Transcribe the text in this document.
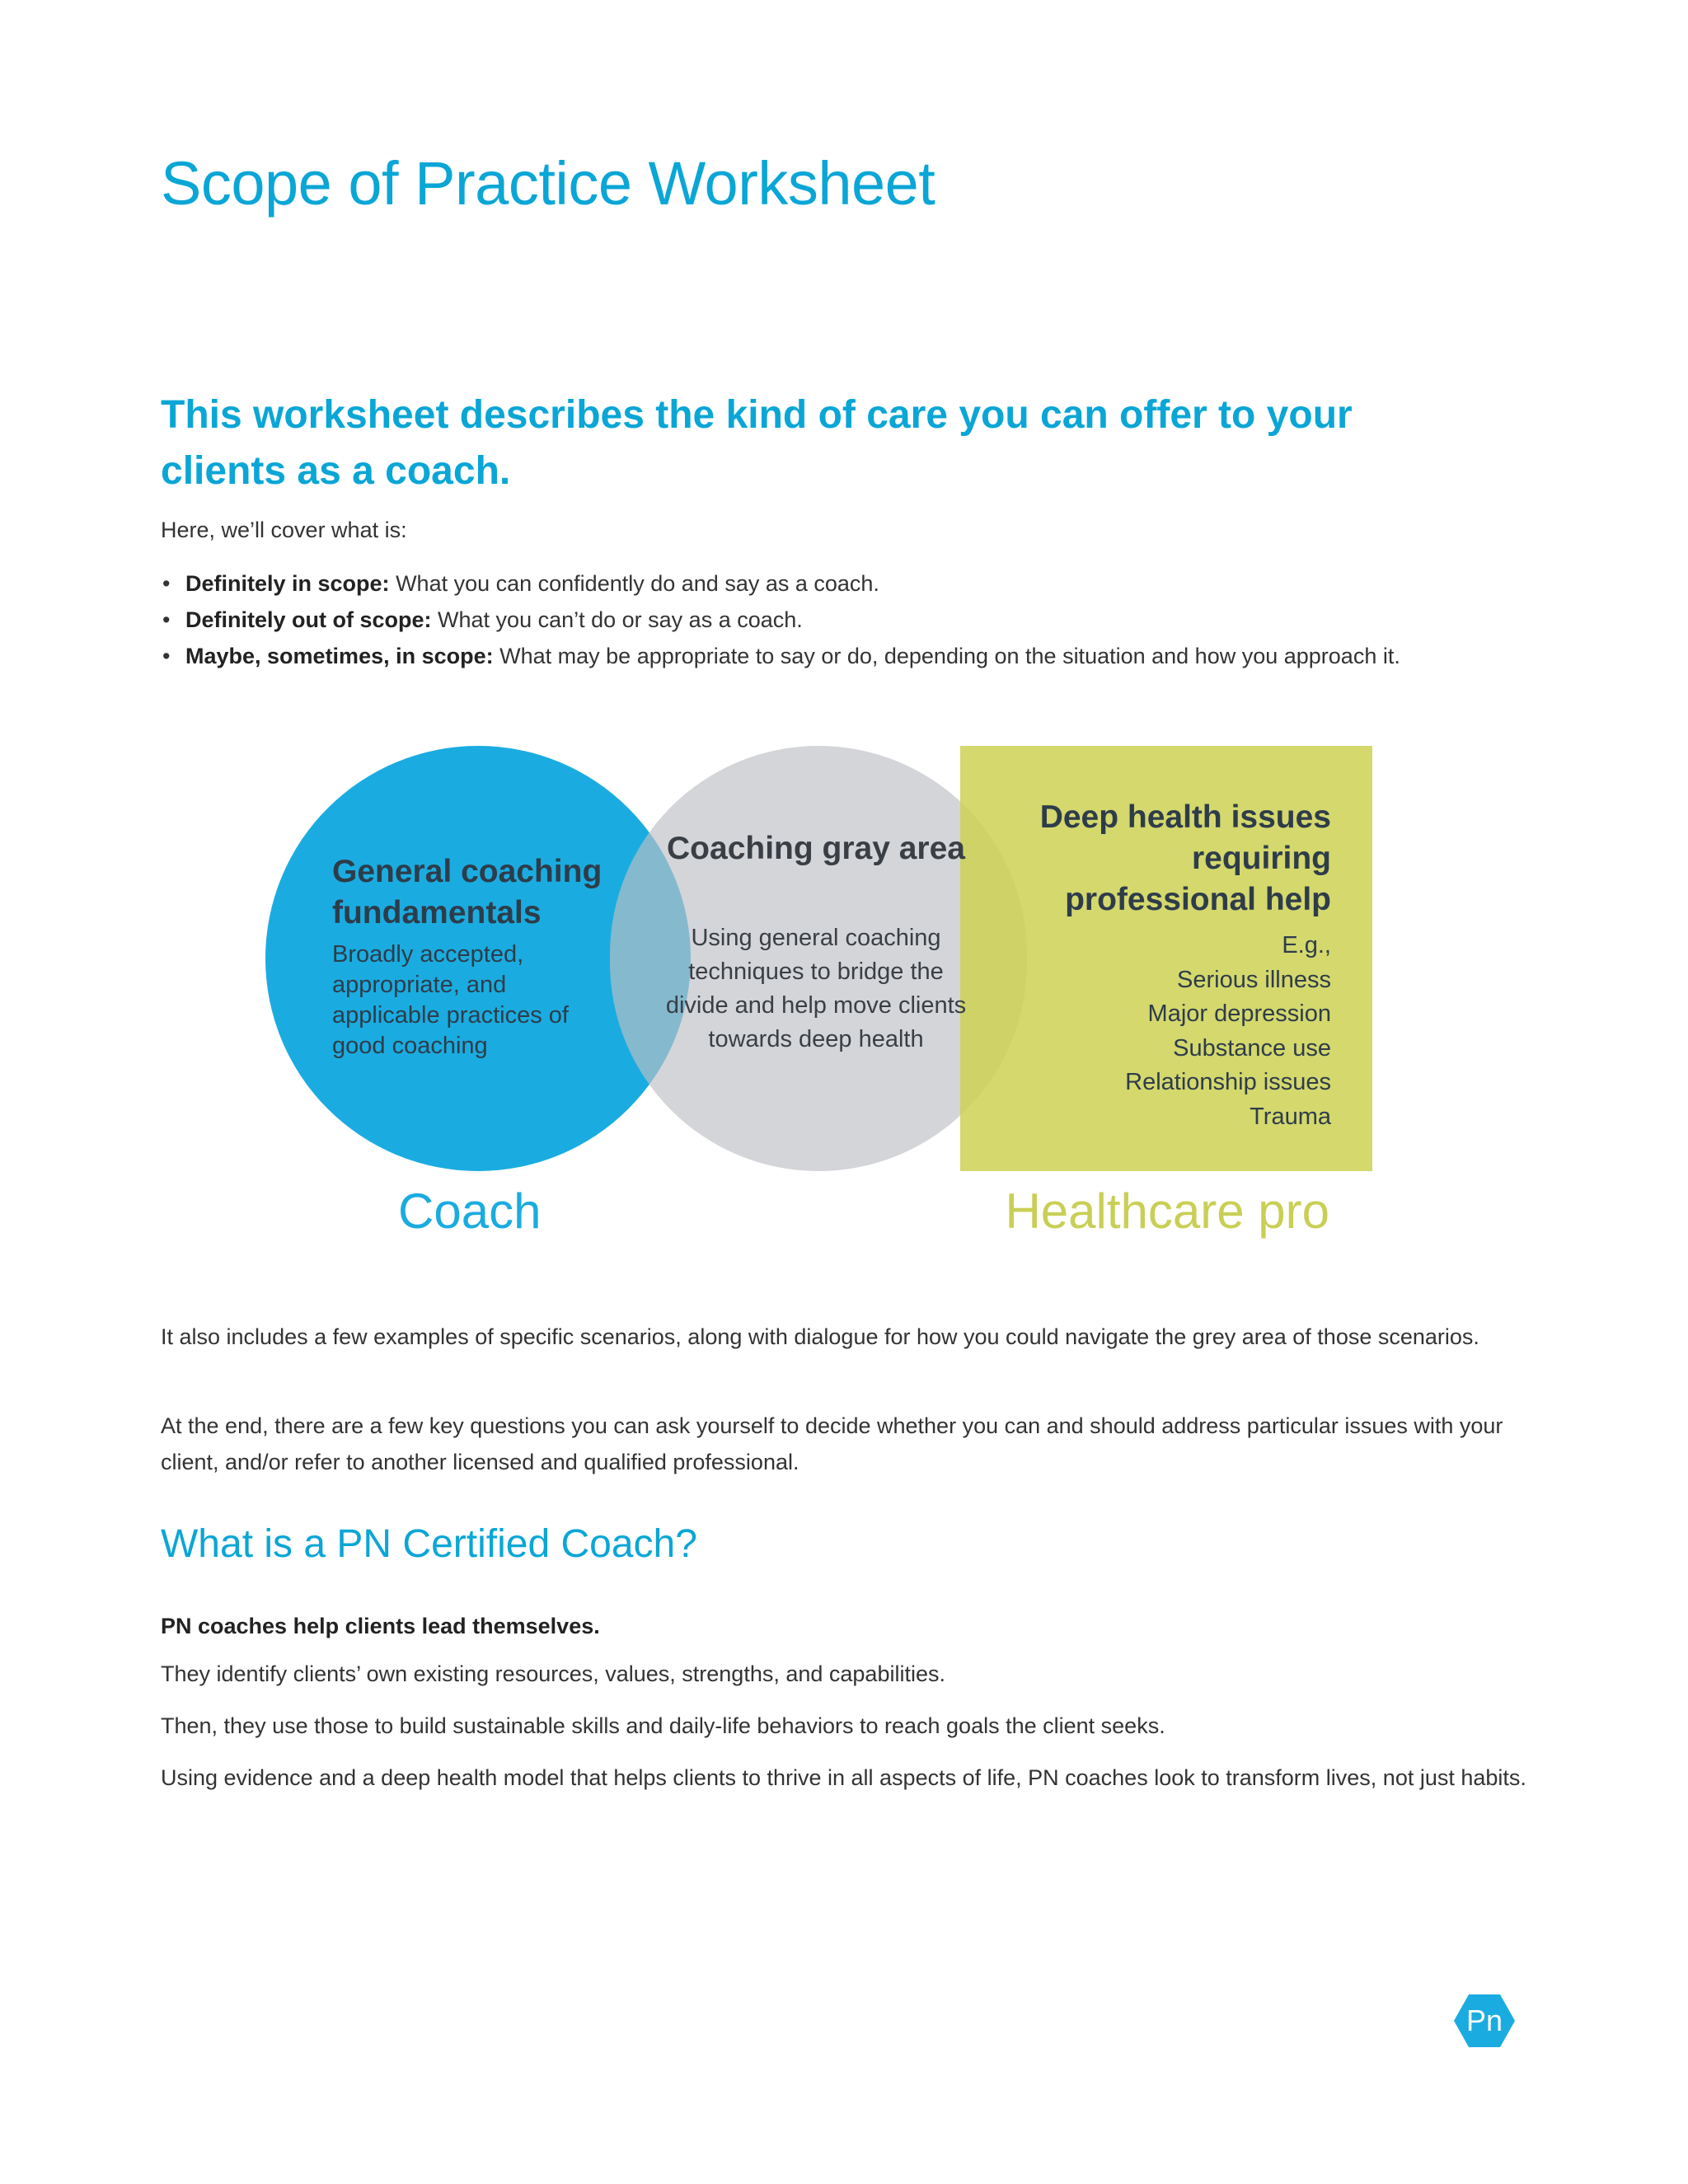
Scope of Practice Worksheet
This worksheet describes the kind of care you can offer to your clients as a coach.

Here, we’ll cover what is:

• Definitely in scope: What you can confidently do and say as a coach.
• Definitely out of scope: What you can’t do or say as a coach.
• Maybe, sometimes, in scope: What may be appropriate to say or do, depending on the situation and how you approach it.
General coaching fundamentals
Broadly accepted, appropriate, and applicable practices of good coaching
Coaching gray area
Using general coaching techniques to bridge the divide and help move clients towards deep health
Deep health issues requiring professional help
E.g.,
Serious illness
Major depression
Substance use
Relationship issues
Trauma
Coach	Healthcare pro

It also includes a few examples of specific scenarios, along with dialogue for how you could navigate the grey area of those scenarios.

At the end, there are a few key questions you can ask yourself to decide whether you can and should address particular issues with your client, and/or refer to another licensed and qualified professional.

What is a PN Certified Coach?

PN coaches help clients lead themselves.

They identify clients’ own existing resources, values, strengths, and capabilities.

Then, they use those to build sustainable skills and daily-life behaviors to reach goals the client seeks.

Using evidence and a deep health model that helps clients to thrive in all aspects of life, PN coaches look to transform lives, not just habits.

Pn
